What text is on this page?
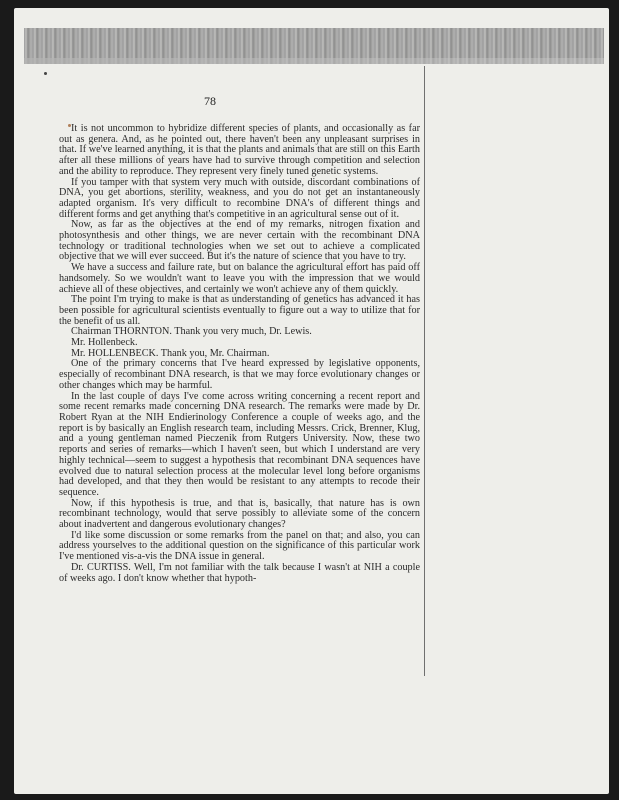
78

It is not uncommon to hybridize different species of plants, and occasionally as far out as genera. And, as he pointed out, there haven't been any unpleasant surprises in that. If we've learned anything, it is that the plants and animals that are still on this Earth after all these millions of years have had to survive through competition and selection and the ability to reproduce. They represent very finely tuned genetic systems.

If you tamper with that system very much with outside, discordant combinations of DNA, you get abortions, sterility, weakness, and you do not get an instantaneously adapted organism. It's very difficult to recombine DNA's of different things and different forms and get anything that's competitive in an agricultural sense out of it.

Now, as far as the objectives at the end of my remarks, nitrogen fixation and photosynthesis and other things, we are never certain with the recombinant DNA technology or traditional technologies when we set out to achieve a complicated objective that we will ever succeed. But it's the nature of science that you have to try.

We have a success and failure rate, but on balance the agricultural effort has paid off handsomely. So we wouldn't want to leave you with the impression that we would achieve all of these objectives, and certainly we won't achieve any of them quickly.

The point I'm trying to make is that as understanding of genetics has advanced it has been possible for agricultural scientists eventually to figure out a way to utilize that for the benefit of us all.

Chairman THORNTON. Thank you very much, Dr. Lewis.

Mr. Hollenbeck.

Mr. HOLLENBECK. Thank you, Mr. Chairman.

One of the primary concerns that I've heard expressed by legislative opponents, especially of recombinant DNA research, is that we may force evolutionary changes or other changes which may be harmful.

In the last couple of days I've come across writing concerning a recent report and some recent remarks made concerning DNA research. The remarks were made by Dr. Robert Ryan at the NIH Endierinology Conference a couple of weeks ago, and the report is by basically an English research team, including Messrs. Crick, Brenner, Klug, and a young gentleman named Pieczenik from Rutgers University. Now, these two reports and series of remarks—which I haven't seen, but which I understand are very highly technical—seem to suggest a hypothesis that recombinant DNA sequences have evolved due to natural selection process at the molecular level long before organisms had developed, and that they then would be resistant to any attempts to recode their sequence.

Now, if this hypothesis is true, and that is, basically, that nature has is own recombinant technology, would that serve possibly to alleviate some of the concern about inadvertent and dangerous evolutionary changes?

I'd like some discussion or some remarks from the panel on that; and also, you can address yourselves to the additional question on the significance of this particular work I've mentioned vis-a-vis the DNA issue in general.

Dr. CURTISS. Well, I'm not familiar with the talk because I wasn't at NIH a couple of weeks ago. I don't know whether that hypoth-
